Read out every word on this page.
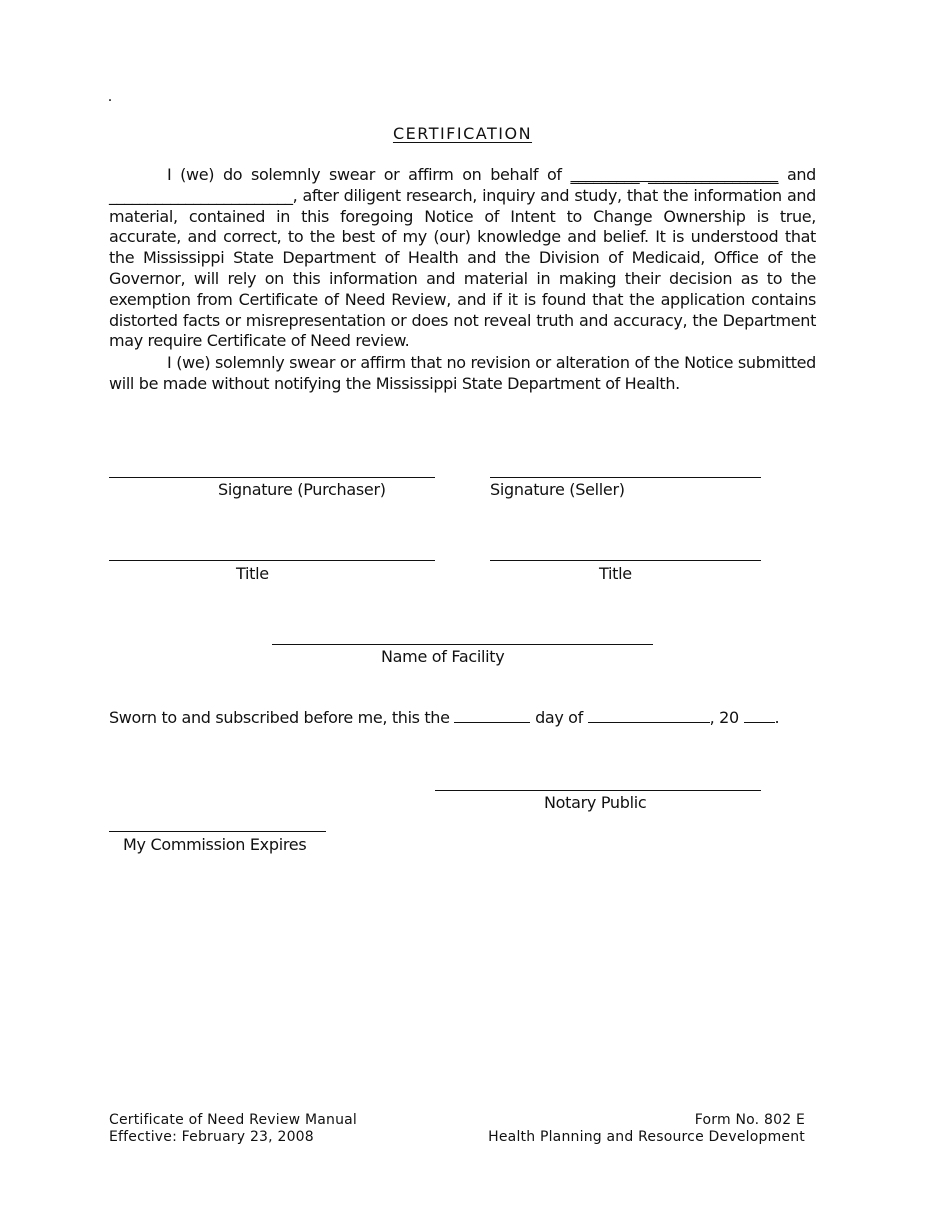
.
CERTIFICATION
I (we) do solemnly swear or affirm on behalf of _________ _________________ and ________________________, after diligent research, inquiry and study, that the information and material, contained in this foregoing Notice of Intent to Change Ownership is true, accurate, and correct, to the best of my (our) knowledge and belief. It is understood that the Mississippi State Department of Health and the Division of Medicaid, Office of the Governor, will rely on this information and material in making their decision as to the exemption from Certificate of Need Review, and if it is found that the application contains distorted facts or misrepresentation or does not reveal truth and accuracy, the Department may require Certificate of Need review.
I (we) solemnly swear or affirm that no revision or alteration of the Notice submitted will be made without notifying the Mississippi State Department of Health.
Signature (Purchaser)	Signature (Seller)
Title	Title
Name of Facility
Sworn to and subscribed before me, this the	day of	, 20 .
Notary Public
My Commission Expires
Certificate of Need Review Manual
Effective: February 23, 2008
Form No. 802 E
Health Planning and Resource Development
